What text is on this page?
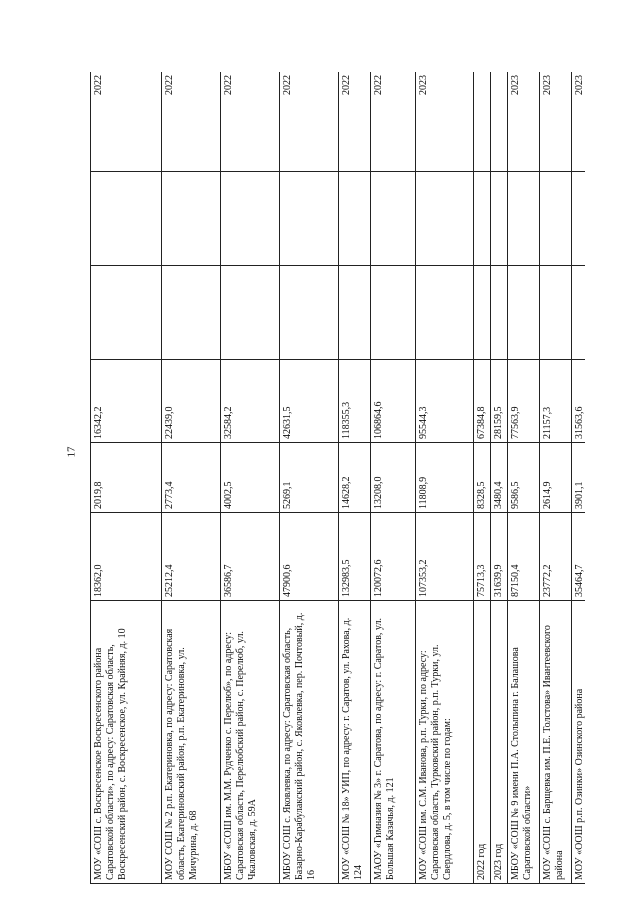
17
МОУ «СОШ с. Воскресенское Воскресенского района Саратовской области», по адресу: Саратовская область, Воскресенский район, с. Воскресенское, ул. Крайняя, д. 10	18362,0	2019,8	16342,2			2022
МОУ СОШ № 2 р.п. Екатериновка, по адресу: Саратовская область, Екатериновский район, р.п. Екатериновка, ул. Мичурина, д. 68	25212,4	2773,4	22439,0			2022
МБОУ «СОШ им. М.М. Рудченко с. Перелюб», по адресу: Саратовская область, Перелюбский район, с. Перелюб, ул. Чкаловская, д. 59А	36586,7	4002,5	32584,2			2022
МБОУ СОШ с. Яковлевка, по адресу: Саратовская область, Базарно-Карабулакский район, с. Яковлевка, пер. Почтовый, д. 16	47900,6	5269,1	42631,5			2022
МОУ «СОШ № 18» УИП, по адресу: г. Саратов, ул. Рахова, д. 124	132983,5	14628,2	118355,3			2022
МАОУ «Гимназия № 3» г. Саратова, по адресу: г. Саратов, ул. Большая Казачья, д. 121	120072,6	13208,0	106864,6			2022
МОУ «СОШ им. С.М. Иванова, р.п. Турки, по адресу: Саратовская область, Турковский район, р.п. Турки, ул. Свердлова, д. 5, в том числе по годам:	107353,2	11808,9	95544,3			2023
2022 год	75713,3	8328,5	67384,8			
2023 год	31639,9	3480,4	28159,5			
МБОУ «СОШ № 9 имени П.А. Столыпина г. Балашова Саратовской области»	87150,4	9586,5	77563,9			2023
МОУ «СОШ с. Барщевка им. П.Е. Толстова» Ивантеевского района	23772,2	2614,9	21157,3			2023
МОУ «ООШ р.п. Озинки» Озинского района	35464,7	3901,1	31563,6			2023
